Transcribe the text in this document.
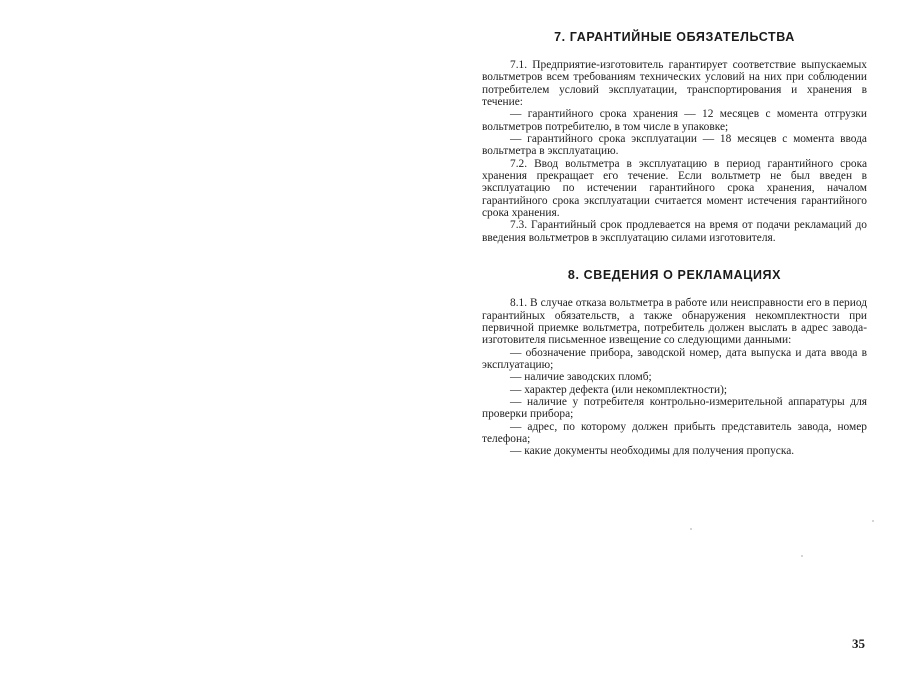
7. ГАРАНТИЙНЫЕ ОБЯЗАТЕЛЬСТВА

7.1. Предприятие-изготовитель гарантирует соответствие выпускаемых вольтметров всем требованиям технических условий на них при соблюдении потребителем условий эксплуатации, транспортирования и хранения в течение:

— гарантийного срока хранения — 12 месяцев с момента отгрузки вольтметров потребителю, в том числе в упаковке;

— гарантийного срока эксплуатации — 18 месяцев с момента ввода вольтметра в эксплуатацию.

7.2. Ввод вольтметра в эксплуатацию в период гарантийного срока хранения прекращает его течение. Если вольтметр не был введен в эксплуатацию по истечении гарантийного срока хранения, началом гарантийного срока эксплуатации считается момент истечения гарантийного срока хранения.

7.3. Гарантийный срок продлевается на время от подачи рекламаций до введения вольтметров в эксплуатацию силами изготовителя.

8. СВЕДЕНИЯ О РЕКЛАМАЦИЯХ

8.1. В случае отказа вольтметра в работе или неисправности его в период гарантийных обязательств, а также обнаружения некомплектности при первичной приемке вольтметра, потребитель должен выслать в адрес завода-изготовителя письменное извещение со следующими данными:

— обозначение прибора, заводской номер, дата выпуска и дата ввода в эксплуатацию;

— наличие заводских пломб;

— характер дефекта (или некомплектности);

— наличие у потребителя контрольно-измерительной аппаратуры для проверки прибора;

— адрес, по которому должен прибыть представитель завода, номер телефона;

— какие документы необходимы для получения пропуска.

35
